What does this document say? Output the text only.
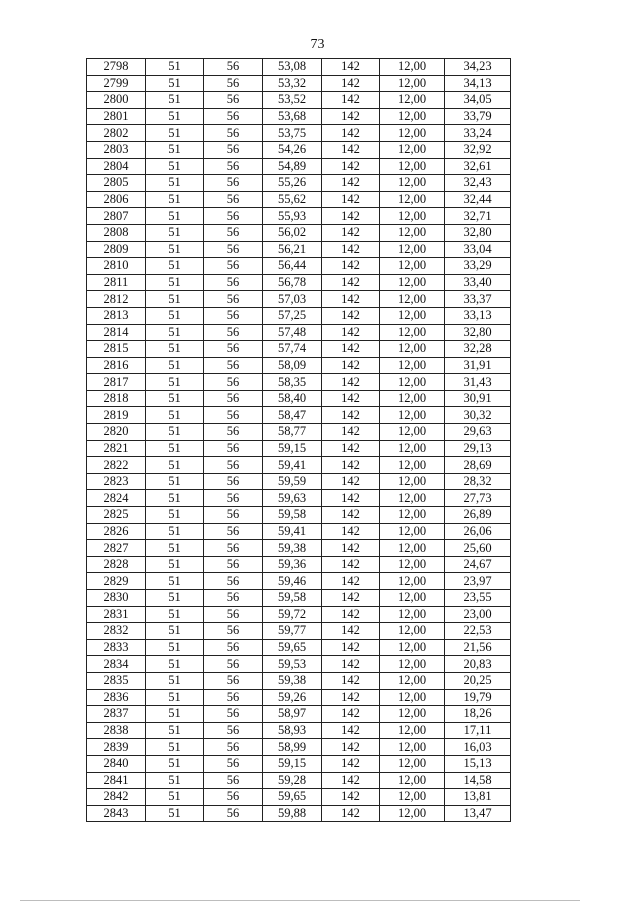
73
2798	51	56	53,08	142	12,00	34,23
2799	51	56	53,32	142	12,00	34,13
2800	51	56	53,52	142	12,00	34,05
2801	51	56	53,68	142	12,00	33,79
2802	51	56	53,75	142	12,00	33,24
2803	51	56	54,26	142	12,00	32,92
2804	51	56	54,89	142	12,00	32,61
2805	51	56	55,26	142	12,00	32,43
2806	51	56	55,62	142	12,00	32,44
2807	51	56	55,93	142	12,00	32,71
2808	51	56	56,02	142	12,00	32,80
2809	51	56	56,21	142	12,00	33,04
2810	51	56	56,44	142	12,00	33,29
2811	51	56	56,78	142	12,00	33,40
2812	51	56	57,03	142	12,00	33,37
2813	51	56	57,25	142	12,00	33,13
2814	51	56	57,48	142	12,00	32,80
2815	51	56	57,74	142	12,00	32,28
2816	51	56	58,09	142	12,00	31,91
2817	51	56	58,35	142	12,00	31,43
2818	51	56	58,40	142	12,00	30,91
2819	51	56	58,47	142	12,00	30,32
2820	51	56	58,77	142	12,00	29,63
2821	51	56	59,15	142	12,00	29,13
2822	51	56	59,41	142	12,00	28,69
2823	51	56	59,59	142	12,00	28,32
2824	51	56	59,63	142	12,00	27,73
2825	51	56	59,58	142	12,00	26,89
2826	51	56	59,41	142	12,00	26,06
2827	51	56	59,38	142	12,00	25,60
2828	51	56	59,36	142	12,00	24,67
2829	51	56	59,46	142	12,00	23,97
2830	51	56	59,58	142	12,00	23,55
2831	51	56	59,72	142	12,00	23,00
2832	51	56	59,77	142	12,00	22,53
2833	51	56	59,65	142	12,00	21,56
2834	51	56	59,53	142	12,00	20,83
2835	51	56	59,38	142	12,00	20,25
2836	51	56	59,26	142	12,00	19,79
2837	51	56	58,97	142	12,00	18,26
2838	51	56	58,93	142	12,00	17,11
2839	51	56	58,99	142	12,00	16,03
2840	51	56	59,15	142	12,00	15,13
2841	51	56	59,28	142	12,00	14,58
2842	51	56	59,65	142	12,00	13,81
2843	51	56	59,88	142	12,00	13,47
